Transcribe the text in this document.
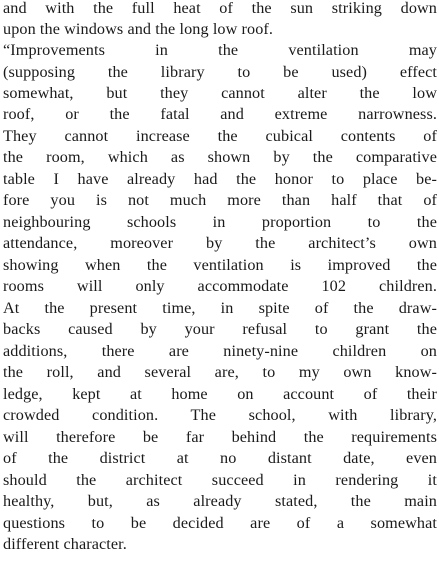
and with the full heat of the sun striking down
upon the windows and the long low roof.
“Improvements in the ventilation may
(supposing the library to be used) effect
somewhat, but they cannot alter the low
roof, or the fatal and extreme narrowness.
They cannot increase the cubical contents of
the room, which as shown by the comparative
table I have already had the honor to place be-
fore you is not much more than half that of
neighbouring schools in proportion to the
attendance, moreover by the architect’s own
showing when the ventilation is improved the
rooms will only accommodate 102 children.
At the present time, in spite of the draw-
backs caused by your refusal to grant the
additions, there are ninety-nine children on
the roll, and several are, to my own know-
ledge, kept at home on account of their
crowded condition. The school, with library,
will therefore be far behind the requirements
of the district at no distant date, even
should the architect succeed in rendering it
healthy, but, as already stated, the main
questions to be decided are of a somewhat
different character.
